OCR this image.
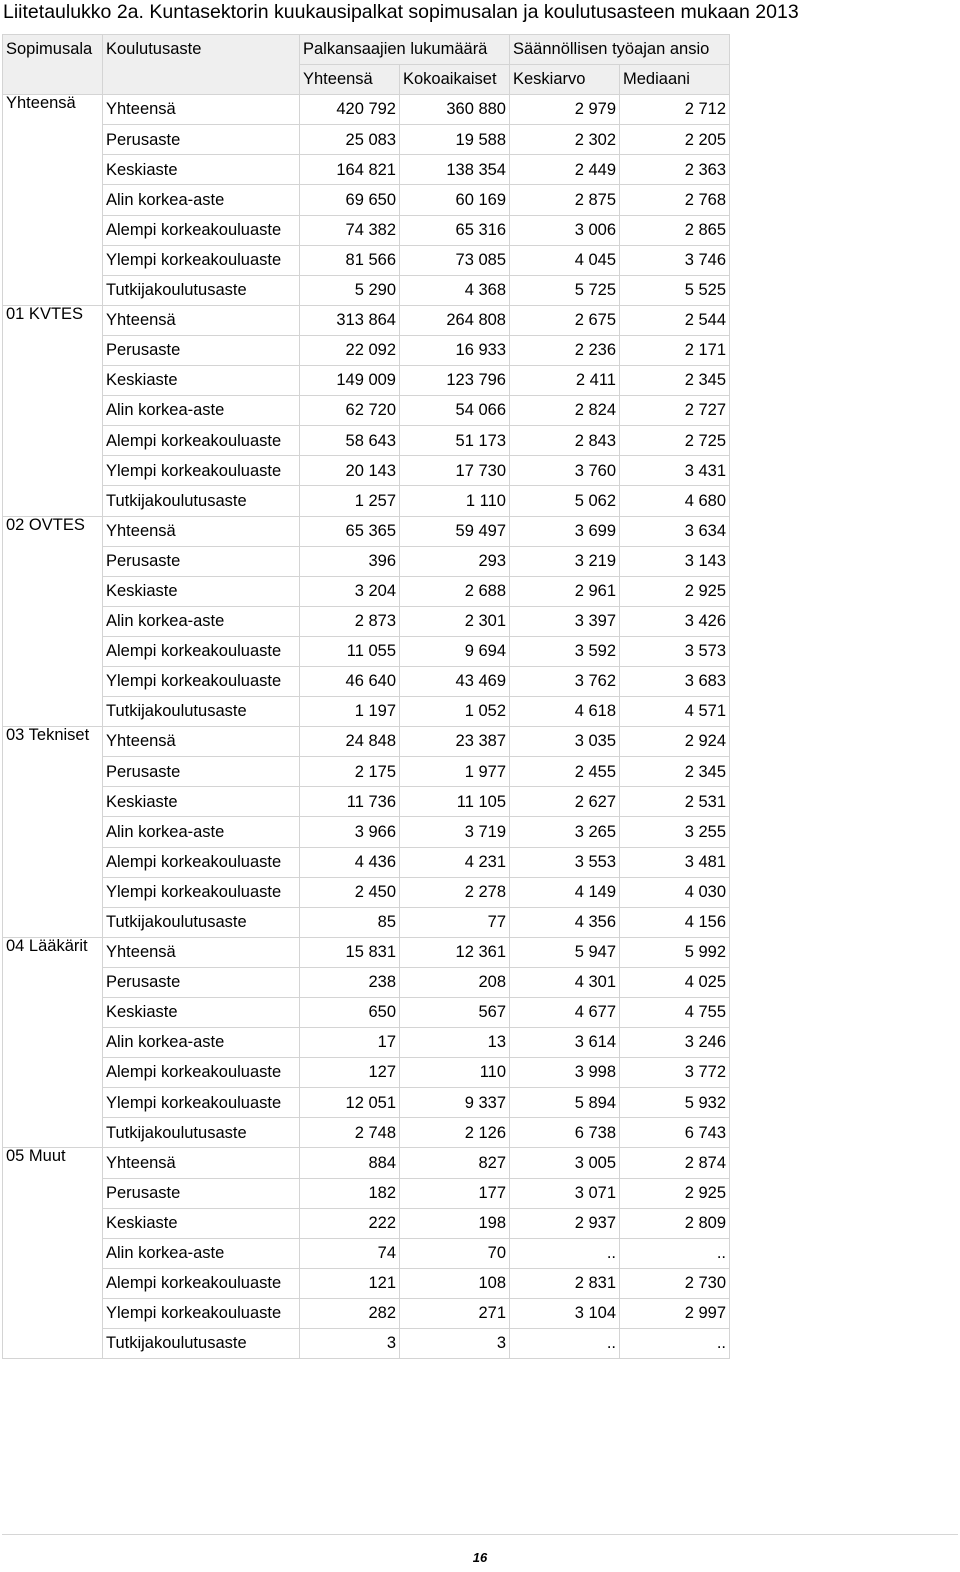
Liitetaulukko 2a. Kuntasektorin kuukausipalkat sopimusalan ja koulutusasteen mukaan 2013
Sopimusala	Koulutusaste	Palkansaajien lukumäärä		Säännöllisen työajan ansio	
		Yhteensä	Kokoaikaiset	Keskiarvo	Mediaani
Yhteensä	Yhteensä	420 792	360 880	2 979	2 712
	Perusaste	25 083	19 588	2 302	2 205
	Keskiaste	164 821	138 354	2 449	2 363
	Alin korkea-aste	69 650	60 169	2 875	2 768
	Alempi korkeakouluaste	74 382	65 316	3 006	2 865
	Ylempi korkeakouluaste	81 566	73 085	4 045	3 746
	Tutkijakoulutusaste	5 290	4 368	5 725	5 525
01 KVTES	Yhteensä	313 864	264 808	2 675	2 544
	Perusaste	22 092	16 933	2 236	2 171
	Keskiaste	149 009	123 796	2 411	2 345
	Alin korkea-aste	62 720	54 066	2 824	2 727
	Alempi korkeakouluaste	58 643	51 173	2 843	2 725
	Ylempi korkeakouluaste	20 143	17 730	3 760	3 431
	Tutkijakoulutusaste	1 257	1 110	5 062	4 680
02 OVTES	Yhteensä	65 365	59 497	3 699	3 634
	Perusaste	396	293	3 219	3 143
	Keskiaste	3 204	2 688	2 961	2 925
	Alin korkea-aste	2 873	2 301	3 397	3 426
	Alempi korkeakouluaste	11 055	9 694	3 592	3 573
	Ylempi korkeakouluaste	46 640	43 469	3 762	3 683
	Tutkijakoulutusaste	1 197	1 052	4 618	4 571
03 Tekniset	Yhteensä	24 848	23 387	3 035	2 924
	Perusaste	2 175	1 977	2 455	2 345
	Keskiaste	11 736	11 105	2 627	2 531
	Alin korkea-aste	3 966	3 719	3 265	3 255
	Alempi korkeakouluaste	4 436	4 231	3 553	3 481
	Ylempi korkeakouluaste	2 450	2 278	4 149	4 030
	Tutkijakoulutusaste	85	77	4 356	4 156
04 Lääkärit	Yhteensä	15 831	12 361	5 947	5 992
	Perusaste	238	208	4 301	4 025
	Keskiaste	650	567	4 677	4 755
	Alin korkea-aste	17	13	3 614	3 246
	Alempi korkeakouluaste	127	110	3 998	3 772
	Ylempi korkeakouluaste	12 051	9 337	5 894	5 932
	Tutkijakoulutusaste	2 748	2 126	6 738	6 743
05 Muut	Yhteensä	884	827	3 005	2 874
	Perusaste	182	177	3 071	2 925
	Keskiaste	222	198	2 937	2 809
	Alin korkea-aste	74	70	..	..
	Alempi korkeakouluaste	121	108	2 831	2 730
	Ylempi korkeakouluaste	282	271	3 104	2 997
	Tutkijakoulutusaste	3	3	..	..
16
